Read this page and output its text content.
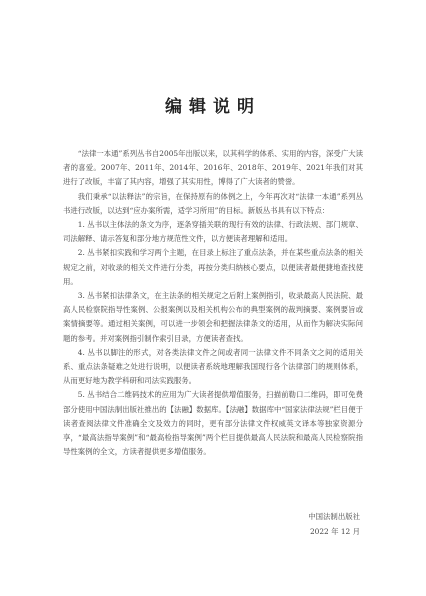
编辑说明

“法律一本通”系列丛书自2005年出版以来，以其科学的体系、实用的内容，深受广大读者的喜爱。2007年、2011年、2014年、2016年、2018年、2019年、2021年我们对其进行了改版，丰富了其内容，增强了其实用性，博得了广大读者的赞誉。

我们秉承“以法释法”的宗旨，在保持原有的体例之上，今年再次对“法律一本通”系列丛书进行改版，以达到“应办案所需，适学习所用”的目标。新版丛书具有以下特点：

1. 丛书以主体法的条文为序，逐条穿插关联的现行有效的法律、行政法规、部门规章、司法解释、请示答复和部分地方规范性文件，以方便读者理解和适用。

2. 丛书紧扣实践和学习两个主题，在目录上标注了重点法条，并在某些重点法条的相关规定之前，对收录的相关文件进行分类，再按分类归纳核心要点，以便读者最便捷地查找使用。

3. 丛书紧扣法律条文，在主法条的相关规定之后附上案例指引，收录最高人民法院、最高人民检察院指导性案例、公报案例以及相关机构公布的典型案例的裁判摘要、案例要旨或案情摘要等。通过相关案例，可以进一步领会和把握法律条文的适用，从而作为解决实际问题的参考。并对案例指引制作索引目录，方便读者查找。

4. 丛书以脚注的形式，对各类法律文件之间或者同一法律文件不同条文之间的适用关系、重点法条疑难之处进行说明，以便读者系统地理解我国现行各个法律部门的规则体系，从而更好地为教学科研和司法实践服务。

5. 丛书结合二维码技术的应用为广大读者提供增值服务，扫描前勒口二维码，即可免费部分使用中国法制出版社推出的【法融】数据库。【法融】数据库中“国家法律法规”栏目便于读者查阅法律文件准确全文及效力的同时，更有部分法律文件权威英文译本等独家资源分享，“最高法指导案例”和“最高检指导案例”两个栏目提供最高人民法院和最高人民检察院指导性案例的全文，方读者提供更多增值服务。

中国法制出版社
2022 年 12 月
